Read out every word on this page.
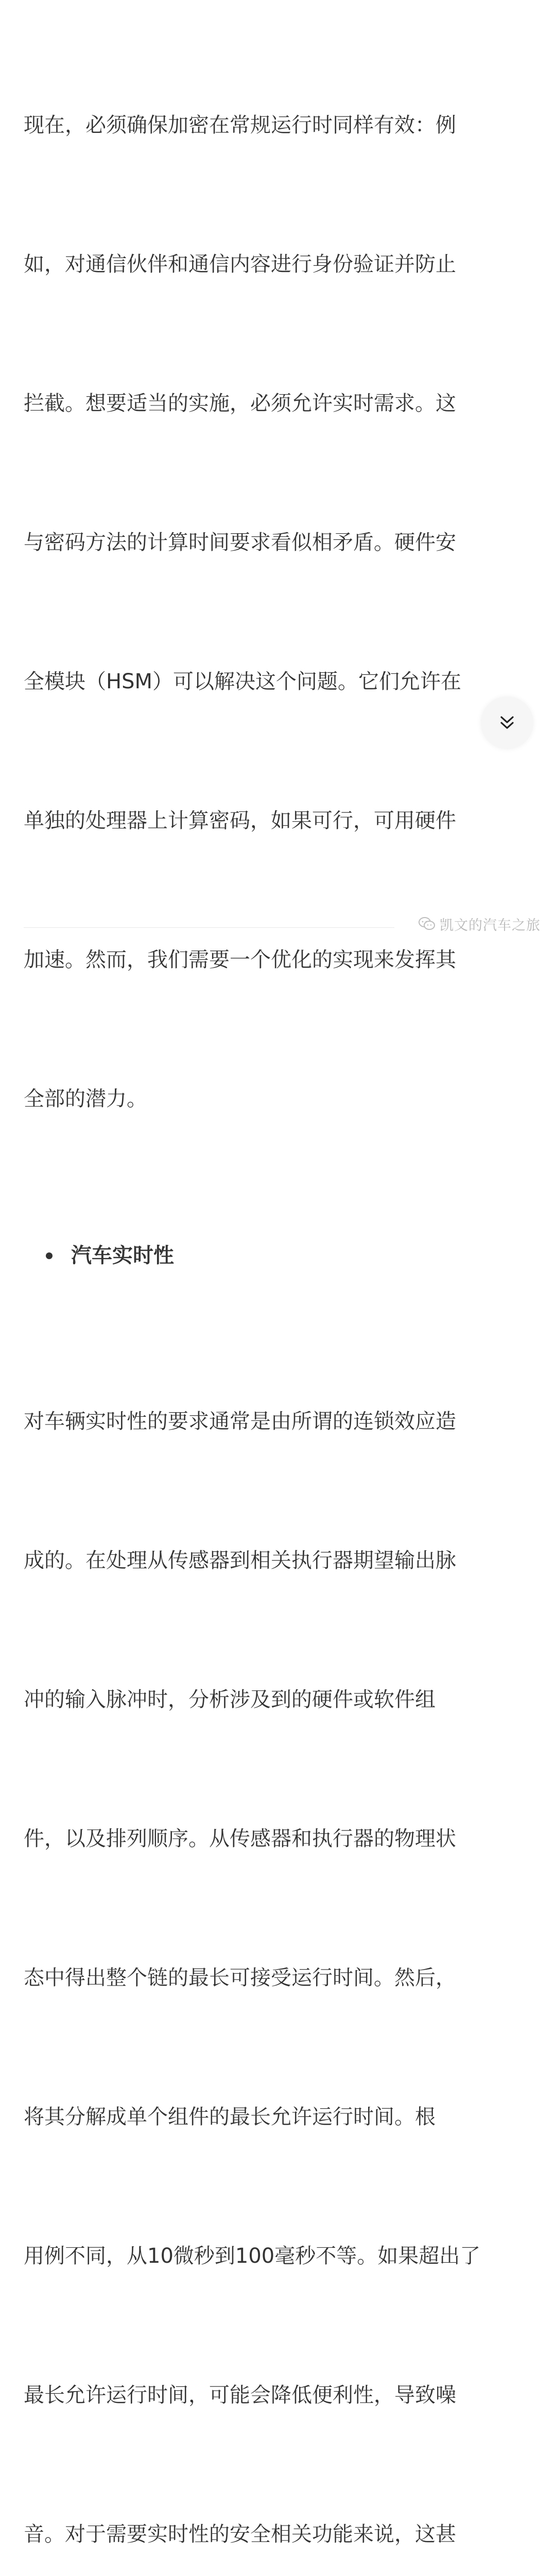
现在，必须确保加密在常规运行时同样有效：例

如，对通信伙伴和通信内容进行身份验证并防止

拦截。想要适当的实施，必须允许实时需求。这

与密码方法的计算时间要求看似相矛盾。硬件安

全模块（HSM）可以解决这个问题。它们允许在

单独的处理器上计算密码，如果可行，可用硬件

加速。然而，我们需要一个优化的实现来发挥其

全部的潜力。

汽车实时性

对车辆实时性的要求通常是由所谓的连锁效应造

成的。在处理从传感器到相关执行器期望输出脉

冲的输入脉冲时，分析涉及到的硬件或软件组

件，以及排列顺序。从传感器和执行器的物理状

态中得出整个链的最长可接受运行时间。然后，

将其分解成单个组件的最长允许运行时间。根

用例不同，从10微秒到100毫秒不等。如果超出了

最长允许运行时间，可能会降低便利性，导致噪

音。对于需要实时性的安全相关功能来说，这甚

凯文的汽车之旅
